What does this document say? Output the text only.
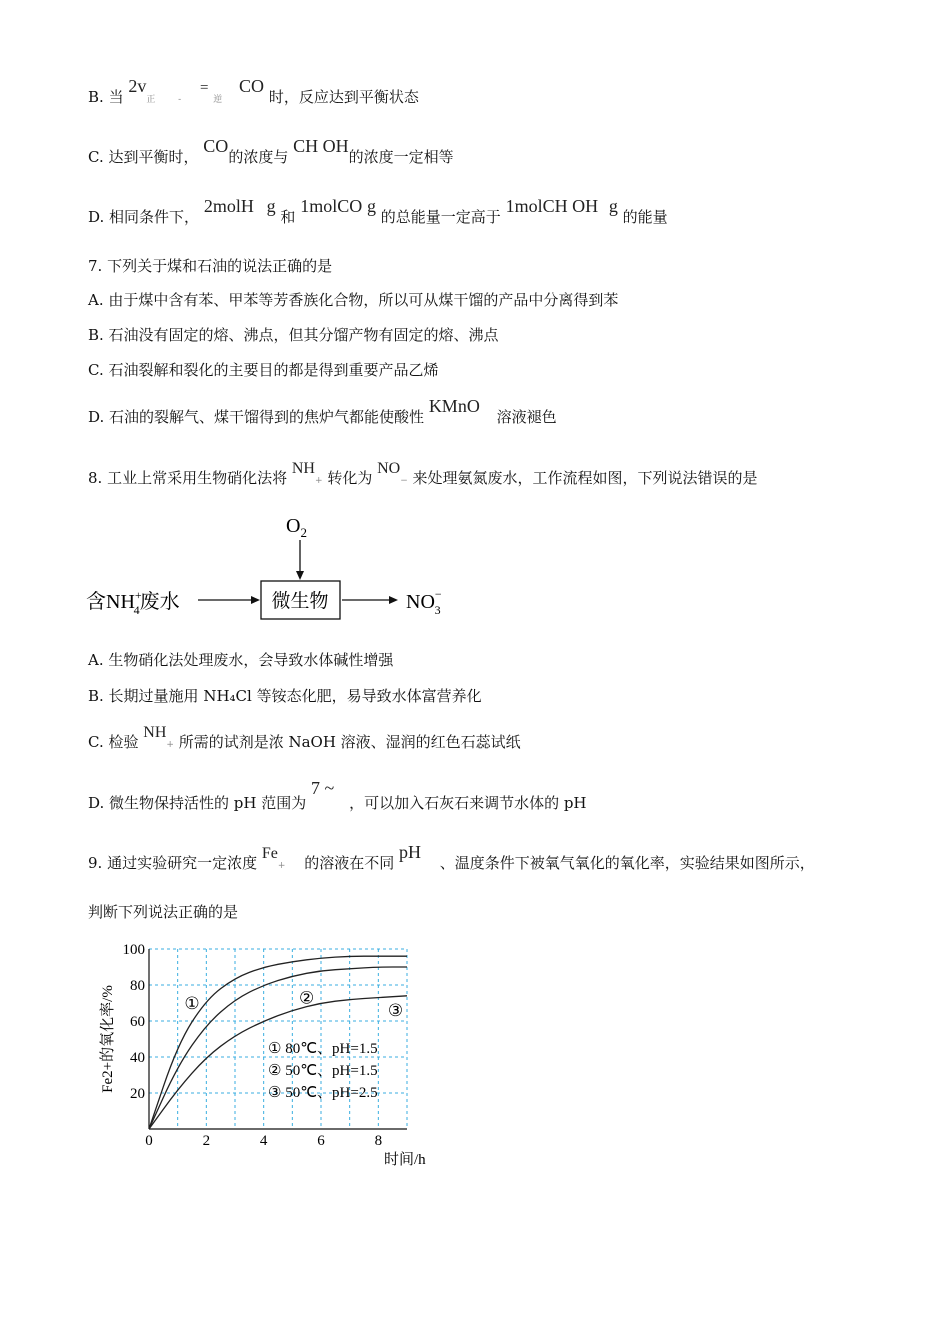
B. 当 2v正	- = 逆 CO 时，反应达到平衡状态
C. 达到平衡时， CO的浓度与 CH OH的浓度一定相等
D. 相同条件下， 2molH g 和 1molCO g 的总能量一定高于 1molCH OH g 的能量
7. 下列关于煤和石油的说法正确的是
A. 由于煤中含有苯、甲苯等芳香族化合物，所以可从煤干馏的产品中分离得到苯
B. 石油没有固定的熔、沸点，但其分馏产物有固定的熔、沸点
C. 石油裂解和裂化的主要目的都是得到重要产品乙烯
D. 石油的裂解气、煤干馏得到的焦炉气都能使酸性 KMnO 溶液褪色
8. 工业上常采用生物硝化法将 NH+ 转化为 NO− 来处理氨氮废水，工作流程如图，下列说法错误的是
$O_2$
含NH+ 4废水	微生物	NO− 3
A. 生物硝化法处理废水，会导致水体碱性增强
B. 长期过量施用 NH₄Cl 等铵态化肥，易导致水体富营养化
C. 检验 NH+ 所需的试剂是浓 NaOH 溶液、湿润的红色石蕊试纸
D. 微生物保持活性的 pH 范围为 7 ~ ，可以加入石灰石来调节水体的 pH
9. 通过实验研究一定浓度 Fe+ 的溶液在不同 pH 、温度条件下被氧气氧化的氧化率，实验结果如图所示，
判断下列说法正确的是
0	2	4	6	8
20
40
60
80
100
时间/h
Fe2+的氧化率/%	①
① 80℃、pH=1.5
②
② 50℃、pH=1.5
③
③ 50℃、pH=2.5
